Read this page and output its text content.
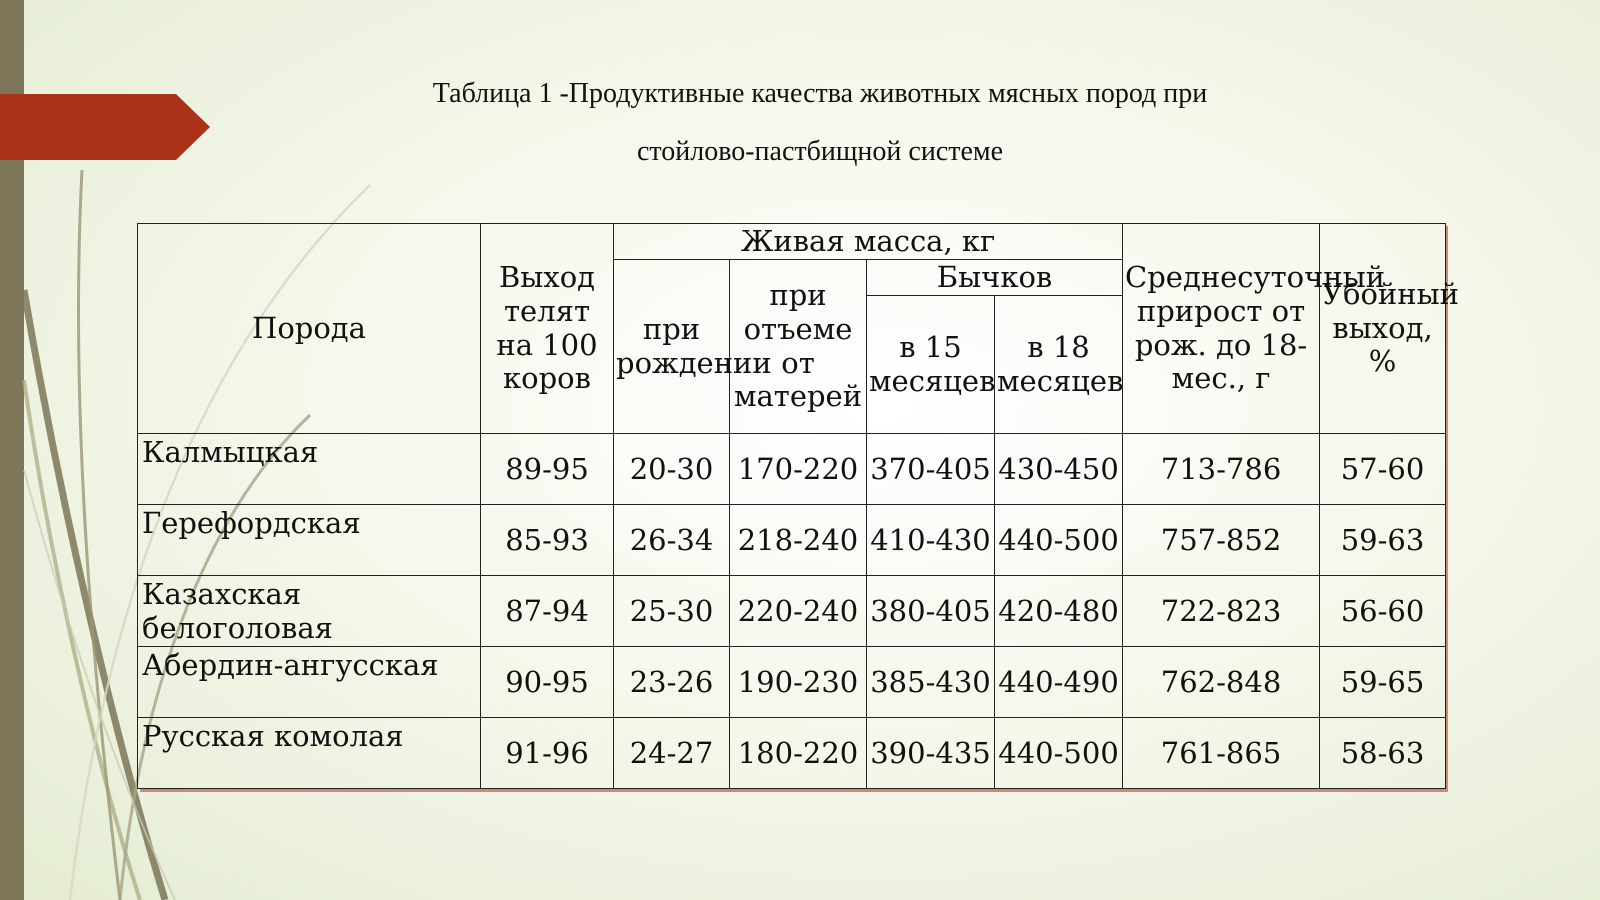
Таблица 1 -Продуктивные качества животных мясных пород при
стойлово-пастбищной системе
Порода	Выход телят на 100 коров	Живая масса, кг				Среднесуточный прирост от рож. до 18-мес., г	Убойный выход, %
		при рождении	при отъеме от матерей	Бычков			
				в 15 месяцев	в 18 месяцев		
Калмыцкая	89-95	20-30	170-220	370-405	430-450	713-786	57-60
Герефордская	85-93	26-34	218-240	410-430	440-500	757-852	59-63
Казахская белоголовая	87-94	25-30	220-240	380-405	420-480	722-823	56-60
Абердин-ангусская	90-95	23-26	190-230	385-430	440-490	762-848	59-65
Русская комолая	91-96	24-27	180-220	390-435	440-500	761-865	58-63
